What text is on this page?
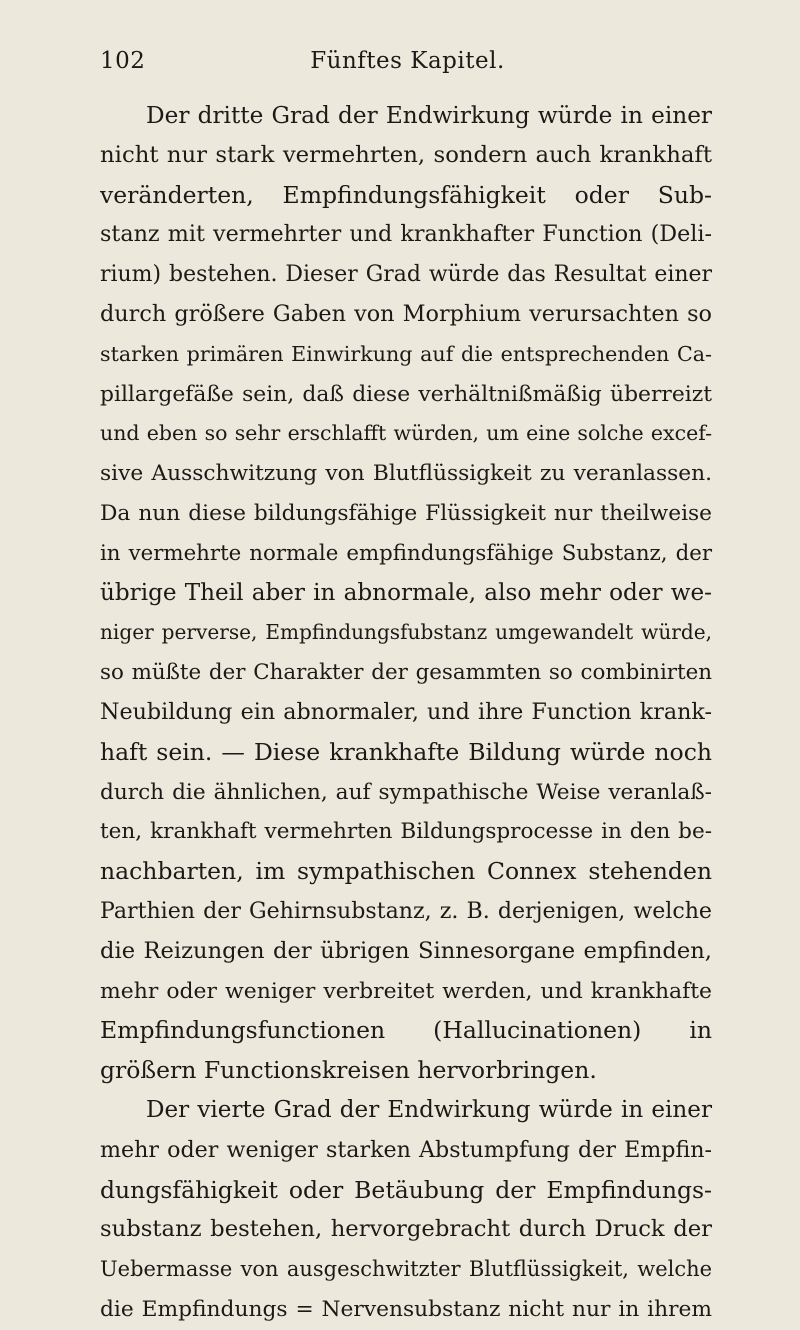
102	Fünftes Kapitel.
Der dritte Grad der Endwirkung würde in einer
nicht nur stark vermehrten, sondern auch krankhaft
veränderten, Empfindungsfähigkeit oder Sub-
stanz mit vermehrter und krankhafter Function (Deli-
rium) bestehen. Dieser Grad würde das Resultat einer
durch größere Gaben von Morphium verursachten so
starken primären Einwirkung auf die entsprechenden Ca-
pillargefäße sein, daß diese verhältnißmäßig überreizt
und eben so sehr erschlafft würden, um eine solche excef-
sive Ausschwitzung von Blutflüssigkeit zu veranlassen.
Da nun diese bildungsfähige Flüssigkeit nur theilweise
in vermehrte normale empfindungsfähige Substanz, der
übrige Theil aber in abnormale, also mehr oder we-
niger perverse, Empfindungsfubstanz umgewandelt würde,
so müßte der Charakter der gesammten so combinirten
Neubildung ein abnormaler, und ihre Function krank-
haft sein. — Diese krankhafte Bildung würde noch
durch die ähnlichen, auf sympathische Weise veranlaß-
ten, krankhaft vermehrten Bildungsprocesse in den be-
nachbarten, im sympathischen Connex stehenden
Parthien der Gehirnsubstanz, z. B. derjenigen, welche
die Reizungen der übrigen Sinnesorgane empfinden,
mehr oder weniger verbreitet werden, und krankhafte
Empfindungsfunctionen (Hallucinationen) in
größern Functionskreisen hervorbringen.
Der vierte Grad der Endwirkung würde in einer
mehr oder weniger starken Abstumpfung der Empfin-
dungsfähigkeit oder Betäubung der Empfindungs-
substanz bestehen, hervorgebracht durch Druck der
Uebermasse von ausgeschwitzter Blutflüssigkeit, welche
die Empfindungs = Nervensubstanz nicht nur in ihrem
